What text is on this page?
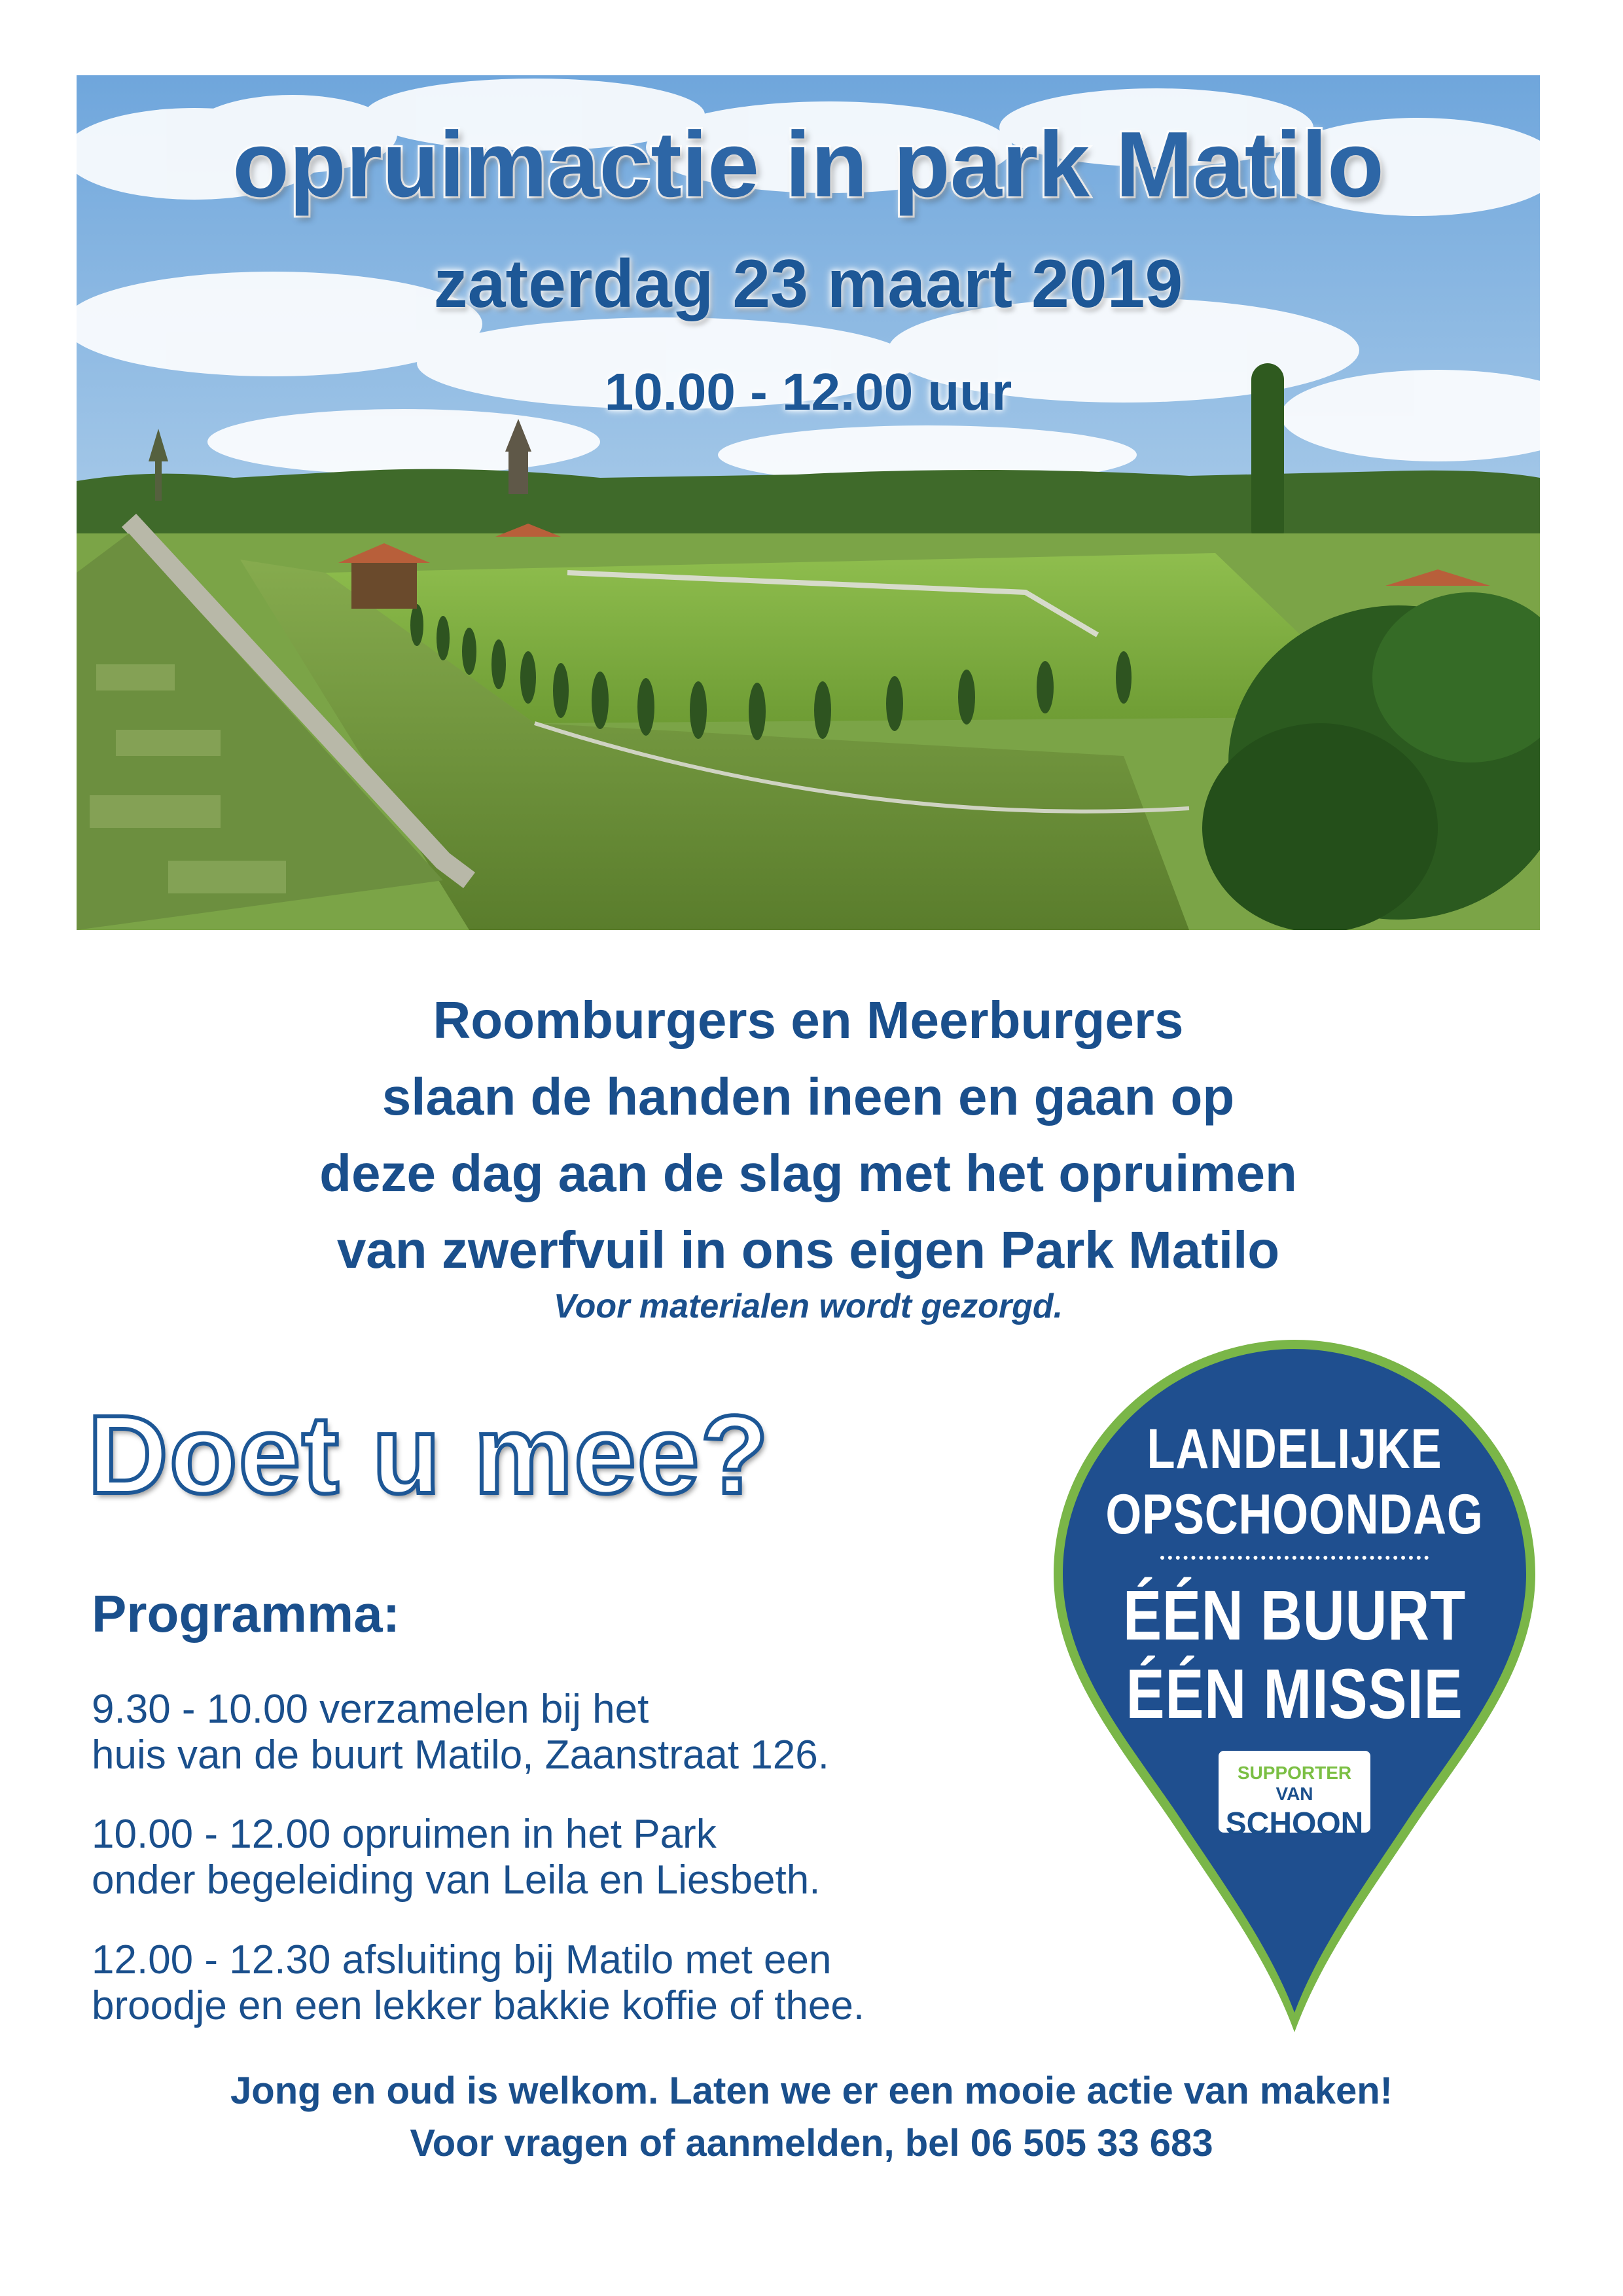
opruimactie in park Matilo
zaterdag 23 maart 2019
10.00 - 12.00 uur
Roomburgers en Meerburgers
slaan de handen ineen en gaan op
deze dag aan de slag met het opruimen
van zwerfvuil in ons eigen Park Matilo
Voor materialen wordt gezorgd.
Doet u mee?
Programma:
9.30 - 10.00 verzamelen bij het
huis van de buurt Matilo, Zaanstraat 126.
10.00 - 12.00 opruimen in het Park
onder begeleiding van Leila en Liesbeth.
12.00 - 12.30 afsluiting bij Matilo met een
broodje en een lekker bakkie koffie of thee.
LANDELIJKE
OPSCHOONDAG
ÉÉN BUURT
ÉÉN MISSIE
SUPPORTER VAN
SCHOON
Jong en oud is welkom. Laten we er een mooie actie van maken!
Voor vragen of aanmelden, bel 06 505 33 683
